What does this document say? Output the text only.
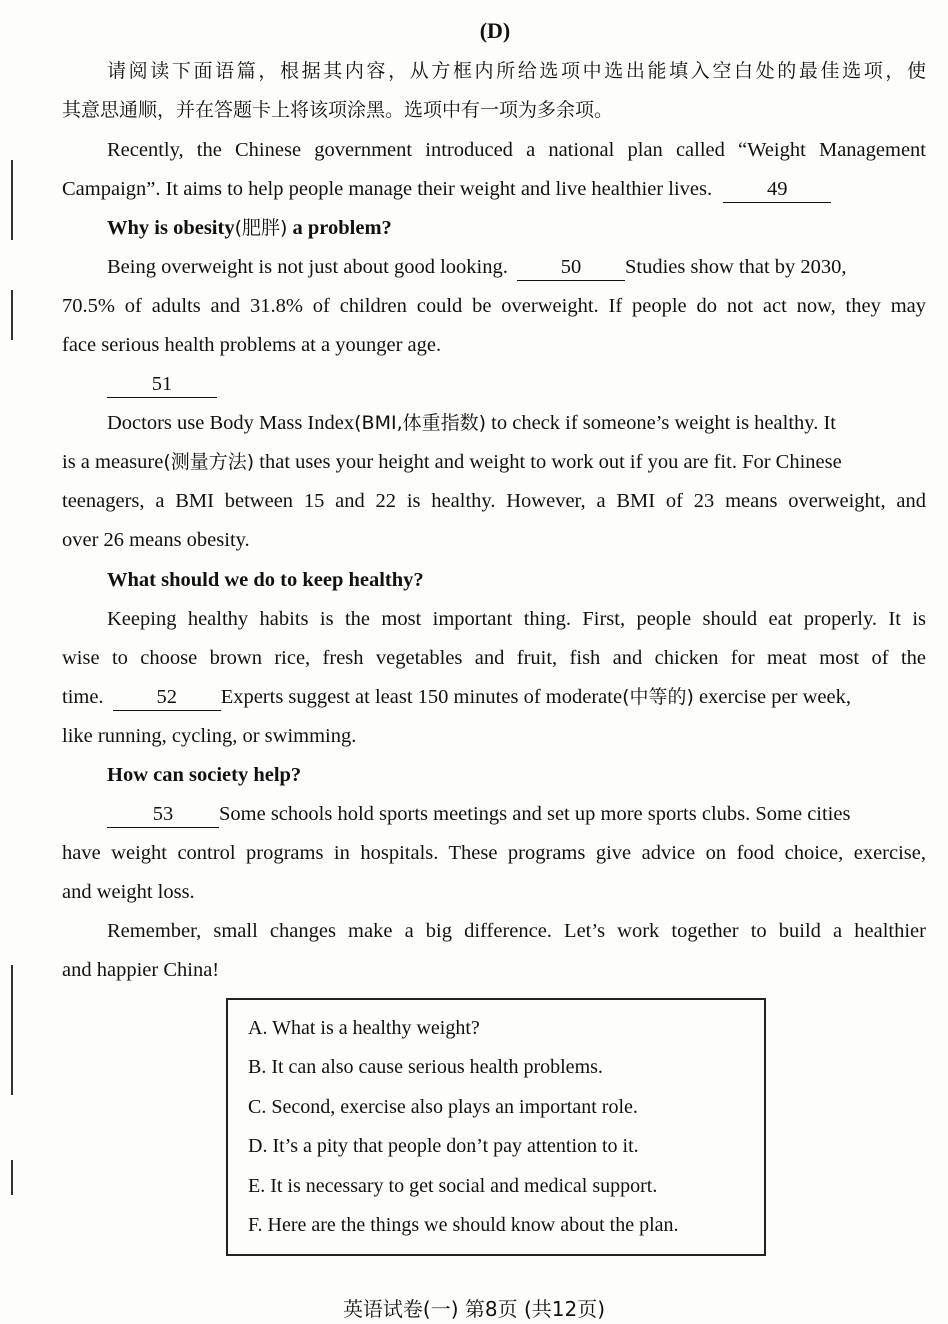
(D)
请阅读下面语篇，根据其内容，从方框内所给选项中选出能填入空白处的最佳选项，使
其意思通顺，并在答题卡上将该项涂黑。选项中有一项为多余项。
Recently, the Chinese government introduced a national plan called “Weight Management
Campaign”. It aims to help people manage their weight and live healthier lives.	49
Why is obesity(肥胖) a problem?
Being overweight is not just about good looking.	50 Studies show that by 2030,
70.5% of adults and 31.8% of children could be overweight. If people do not act now, they may
face serious health problems at a younger age.
51
Doctors use Body Mass Index(BMI,体重指数) to check if someone’s weight is healthy. It
is a measure(测量方法) that uses your height and weight to work out if you are fit. For Chinese
teenagers, a BMI between 15 and 22 is healthy. However, a BMI of 23 means overweight, and
over 26 means obesity.
What should we do to keep healthy?
Keeping healthy habits is the most important thing. First, people should eat properly. It is
wise to choose brown rice, fresh vegetables and fruit, fish and chicken for meat most of the
time.	52 Experts suggest at least 150 minutes of moderate(中等的) exercise per week,
like running, cycling, or swimming.
How can society help?
53 Some schools hold sports meetings and set up more sports clubs. Some cities
have weight control programs in hospitals. These programs give advice on food choice, exercise,
and weight loss.
Remember, small changes make a big difference. Let’s work together to build a healthier
and happier China!
A. What is a healthy weight?
B. It can also cause serious health problems.
C. Second, exercise also plays an important role.
D. It’s a pity that people don’t pay attention to it.
E. It is necessary to get social and medical support.
F. Here are the things we should know about the plan.
英语试卷(一) 第8页 (共12页)
